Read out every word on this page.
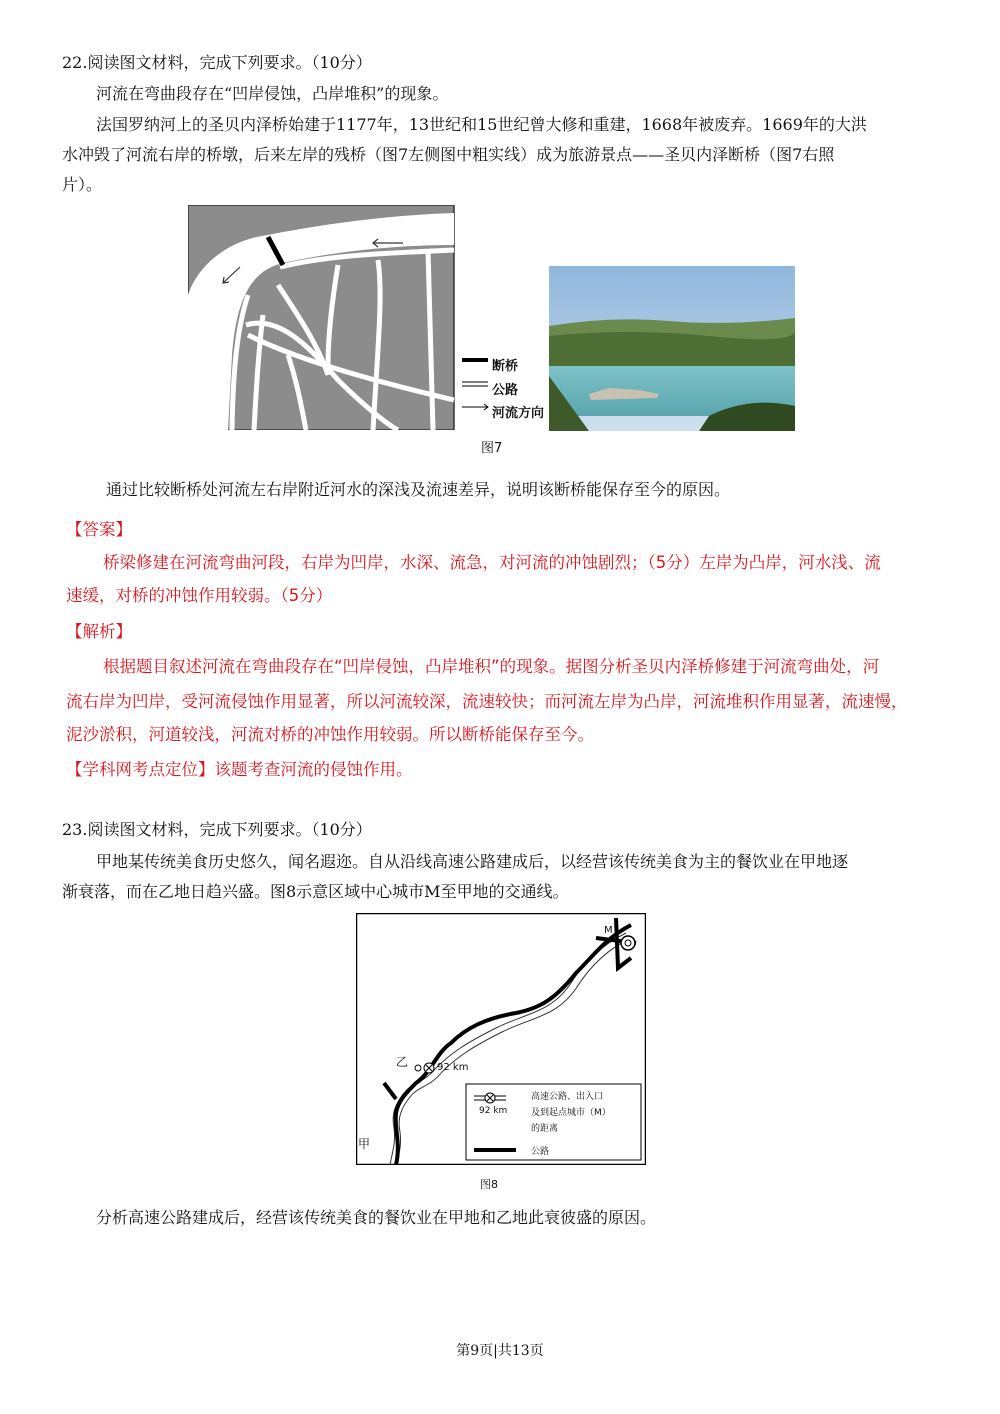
22.阅读图文材料，完成下列要求。（10分）
河流在弯曲段存在“凹岸侵蚀，凸岸堆积”的现象。
法国罗纳河上的圣贝内泽桥始建于1177年，13世纪和15世纪曾大修和重建，1668年被废弃。1669年的大洪
水冲毁了河流右岸的桥墩，后来左岸的残桥（图7左侧图中粗实线）成为旅游景点——圣贝内泽断桥（图7右照
片）。
断桥
公路
河流方向
图7
通过比较断桥处河流左右岸附近河水的深浅及流速差异，说明该断桥能保存至今的原因。
【答案】
桥梁修建在河流弯曲河段，右岸为凹岸，水深、流急，对河流的冲蚀剧烈；（5分）左岸为凸岸，河水浅、流
速缓，对桥的冲蚀作用较弱。（5分）
【解析】
根据题目叙述河流在弯曲段存在“凹岸侵蚀，凸岸堆积”的现象。据图分析圣贝内泽桥修建于河流弯曲处，河
流右岸为凹岸，受河流侵蚀作用显著，所以河流较深，流速较快；而河流左岸为凸岸，河流堆积作用显著，流速慢，
泥沙淤积，河道较浅，河流对桥的冲蚀作用较弱。所以断桥能保存至今。
【学科网考点定位】该题考查河流的侵蚀作用。
23.阅读图文材料，完成下列要求。（10分）
甲地某传统美食历史悠久，闻名遐迩。自从沿线高速公路建成后，以经营该传统美食为主的餐饮业在甲地逐
渐衰落，而在乙地日趋兴盛。图8示意区域中心城市M至甲地的交通线。
M
乙	92 km
甲
92 km
高速公路、出入口
及到起点城市（M）
的距离
公路
图8
分析高速公路建成后，经营该传统美食的餐饮业在甲地和乙地此衰彼盛的原因。
第9页|共13页
